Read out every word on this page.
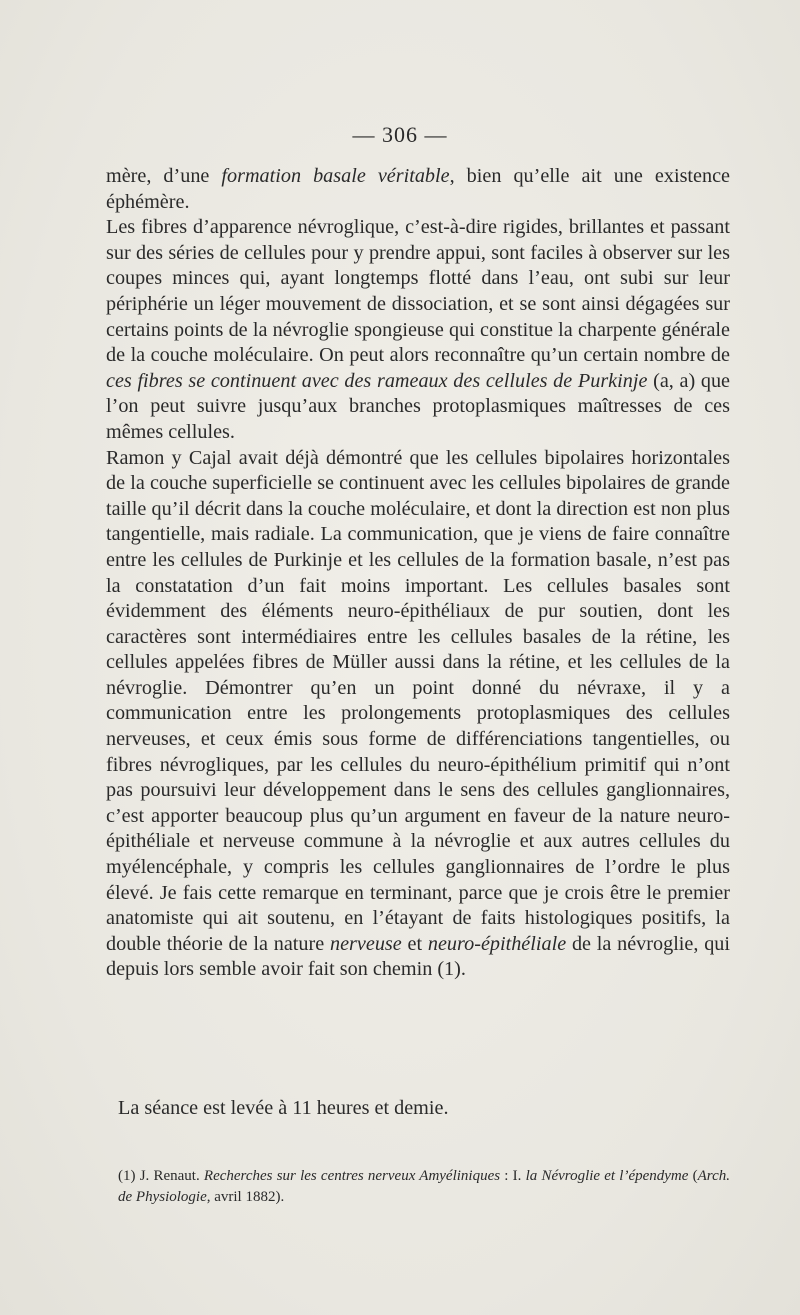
— 306 —

mère, d’une formation basale véritable, bien qu’elle ait une existence éphémère.

Les fibres d’apparence névroglique, c’est-à-dire rigides, brillantes et passant sur des séries de cellules pour y prendre appui, sont faciles à observer sur les coupes minces qui, ayant longtemps flotté dans l’eau, ont subi sur leur périphérie un léger mouvement de dissociation, et se sont ainsi dégagées sur certains points de la névroglie spongieuse qui constitue la charpente générale de la couche moléculaire. On peut alors reconnaître qu’un certain nombre de ces fibres se continuent avec des rameaux des cellules de Purkinje (a, a) que l’on peut suivre jusqu’aux branches protoplasmiques maîtresses de ces mêmes cellules.

Ramon y Cajal avait déjà démontré que les cellules bipolaires horizontales de la couche superficielle se continuent avec les cellules bipolaires de grande taille qu’il décrit dans la couche moléculaire, et dont la direction est non plus tangentielle, mais radiale. La communication, que je viens de faire connaître entre les cellules de Purkinje et les cellules de la formation basale, n’est pas la constatation d’un fait moins important. Les cellules basales sont évidemment des éléments neuro-épithéliaux de pur soutien, dont les caractères sont intermédiaires entre les cellules basales de la rétine, les cellules appelées fibres de Müller aussi dans la rétine, et les cellules de la névroglie. Démontrer qu’en un point donné du névraxe, il y a communication entre les prolongements protoplasmiques des cellules nerveuses, et ceux émis sous forme de différenciations tangentielles, ou fibres névrogliques, par les cellules du neuro-épithélium primitif qui n’ont pas poursuivi leur développement dans le sens des cellules ganglionnaires, c’est apporter beaucoup plus qu’un argument en faveur de la nature neuro-épithéliale et nerveuse commune à la névroglie et aux autres cellules du myélencéphale, y compris les cellules ganglionnaires de l’ordre le plus élevé. Je fais cette remarque en terminant, parce que je crois être le premier anatomiste qui ait soutenu, en l’étayant de faits histologiques positifs, la double théorie de la nature nerveuse et neuro-épithéliale de la névroglie, qui depuis lors semble avoir fait son chemin (1).

La séance est levée à 11 heures et demie.
(1) J. Renaut. Recherches sur les centres nerveux Amyéliniques : I. la Névroglie et l’épendyme (Arch. de Physiologie, avril 1882).
